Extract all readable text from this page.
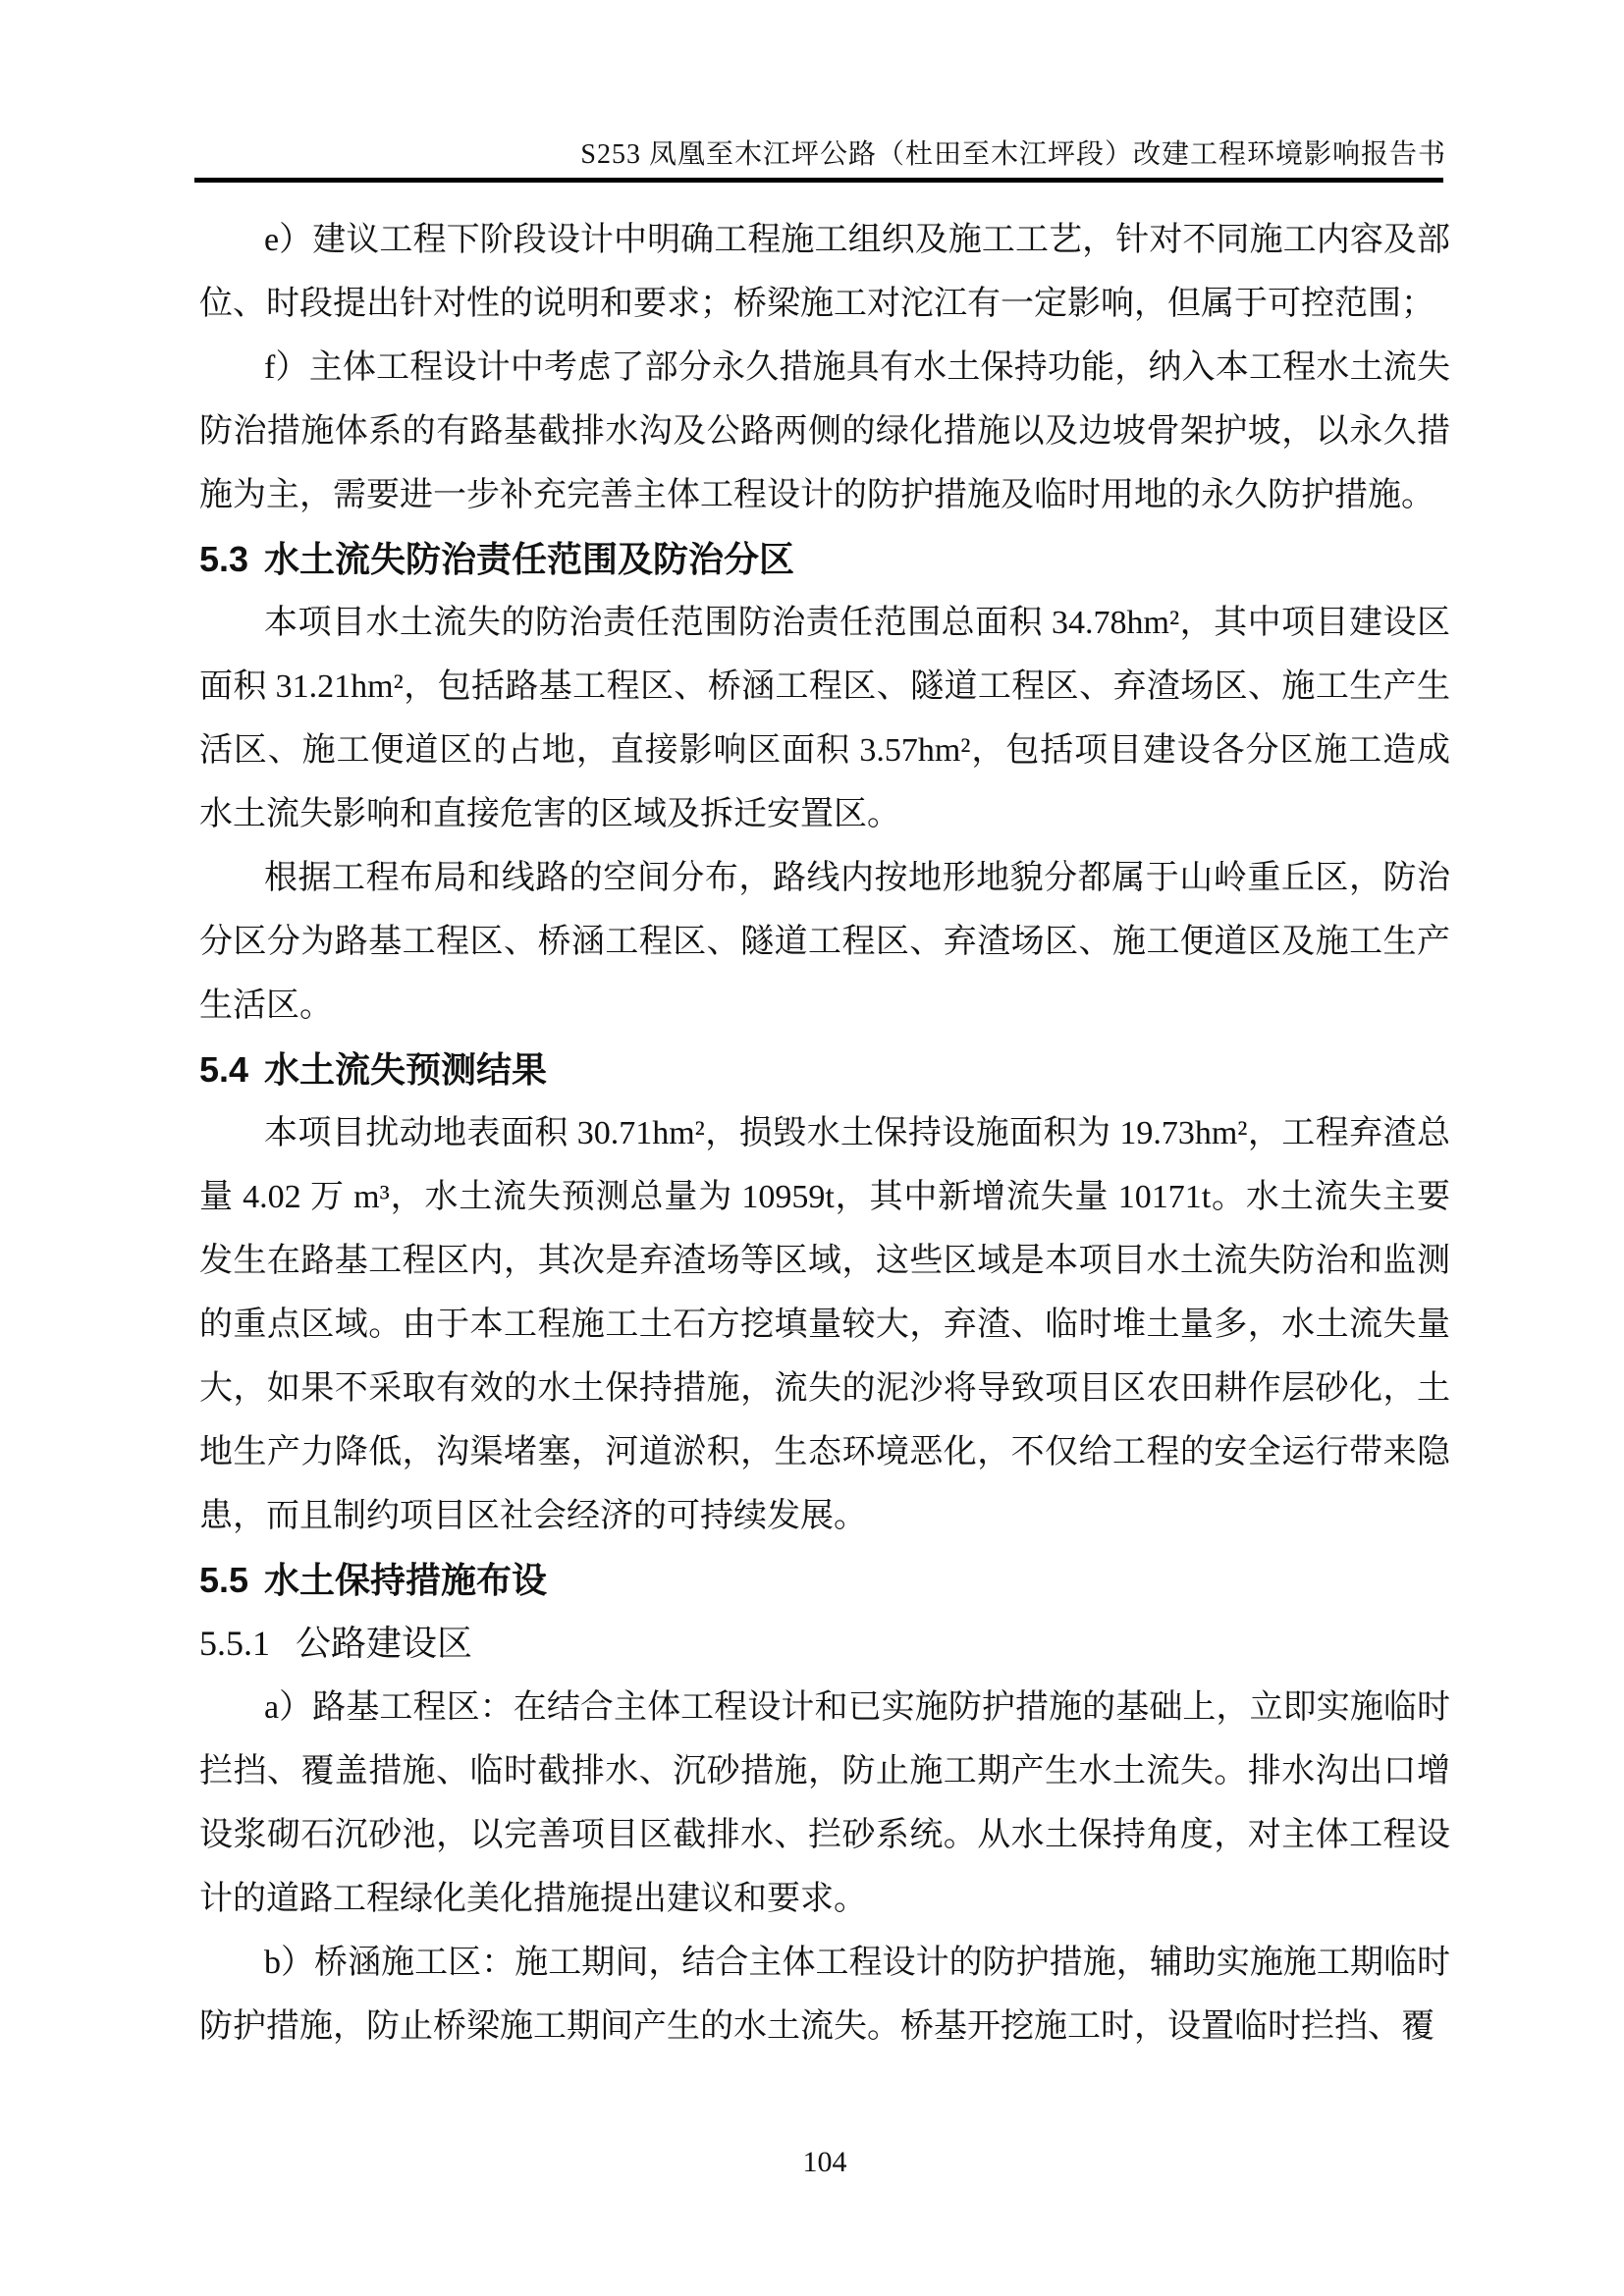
S253 凤凰至木江坪公路（杜田至木江坪段）改建工程环境影响报告书

e）建议工程下阶段设计中明确工程施工组织及施工工艺，针对不同施工内容及部位、时段提出针对性的说明和要求；桥梁施工对沱江有一定影响，但属于可控范围；

f）主体工程设计中考虑了部分永久措施具有水土保持功能，纳入本工程水土流失防治措施体系的有路基截排水沟及公路两侧的绿化措施以及边坡骨架护坡，以永久措施为主，需要进一步补充完善主体工程设计的防护措施及临时用地的永久防护措施。

5.3 水土流失防治责任范围及防治分区

本项目水土流失的防治责任范围防治责任范围总面积 34.78hm²，其中项目建设区面积 31.21hm²，包括路基工程区、桥涵工程区、隧道工程区、弃渣场区、施工生产生活区、施工便道区的占地，直接影响区面积 3.57hm²，包括项目建设各分区施工造成水土流失影响和直接危害的区域及拆迁安置区。

根据工程布局和线路的空间分布，路线内按地形地貌分都属于山岭重丘区，防治分区分为路基工程区、桥涵工程区、隧道工程区、弃渣场区、施工便道区及施工生产生活区。

5.4 水土流失预测结果

本项目扰动地表面积 30.71hm²，损毁水土保持设施面积为 19.73hm²，工程弃渣总量 4.02 万 m³，水土流失预测总量为 10959t，其中新增流失量 10171t。水土流失主要发生在路基工程区内，其次是弃渣场等区域，这些区域是本项目水土流失防治和监测的重点区域。由于本工程施工土石方挖填量较大，弃渣、临时堆土量多，水土流失量大，如果不采取有效的水土保持措施，流失的泥沙将导致项目区农田耕作层砂化，土地生产力降低，沟渠堵塞，河道淤积，生态环境恶化，不仅给工程的安全运行带来隐患，而且制约项目区社会经济的可持续发展。

5.5 水土保持措施布设
5.5.1 公路建设区

a）路基工程区：在结合主体工程设计和已实施防护措施的基础上，立即实施临时拦挡、覆盖措施、临时截排水、沉砂措施，防止施工期产生水土流失。排水沟出口增设浆砌石沉砂池，以完善项目区截排水、拦砂系统。从水土保持角度，对主体工程设计的道路工程绿化美化措施提出建议和要求。

b）桥涵施工区：施工期间，结合主体工程设计的防护措施，辅助实施施工期临时防护措施，防止桥梁施工期间产生的水土流失。桥基开挖施工时，设置临时拦挡、覆

104
